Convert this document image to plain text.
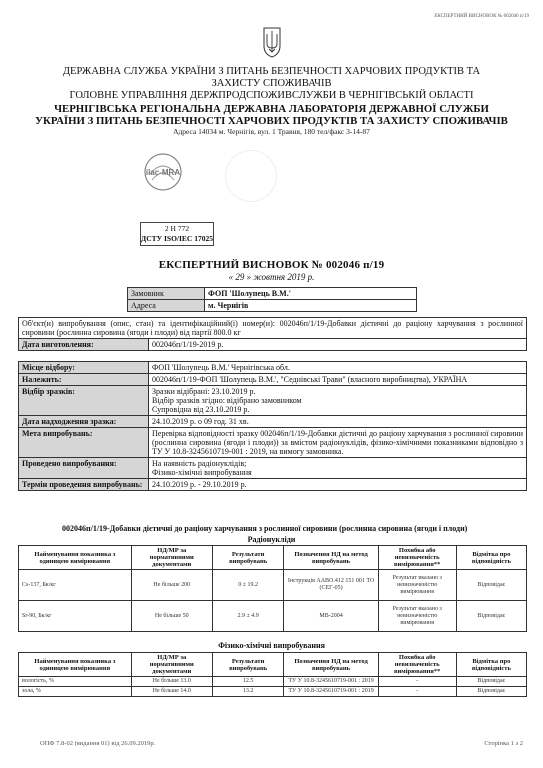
ЕКСПЕРТНИЙ ВИСНОВОК № 002046 п/19
ДЕРЖАВНА СЛУЖБА УКРАЇНИ З ПИТАНЬ БЕЗПЕЧНОСТІ ХАРЧОВИХ ПРОДУКТІВ ТА
ЗАХИСТУ СПОЖИВАЧІВ
ГОЛОВНЕ УПРАВЛІННЯ ДЕРЖПРОДСПОЖИВСЛУЖБИ В ЧЕРНІГІВСЬКІЙ ОБЛАСТІ
ЧЕРНІГІВСЬКА РЕГІОНАЛЬНА ДЕРЖАВНА ЛАБОРАТОРІЯ ДЕРЖАВНОЇ СЛУЖБИ
УКРАЇНИ З ПИТАНЬ БЕЗПЕЧНОСТІ ХАРЧОВИХ ПРОДУКТІВ ТА ЗАХИСТУ СПОЖИВАЧІВ
Адреса 14034 м. Чернігів, вул. 1 Травня, 180 тел/факс 3-14-87
ilac-MRA
2 Н 772
ДСТУ ISO/IEC 17025
ЕКСПЕРТНИЙ ВИСНОВОК № 002046 п/19
« 29 » жовтня 2019 р.
Замовник	ФОП 'Шолупець В.М.'
Адреса	м. Чернігів
Об'єкт(и) випробування (опис, стан) та ідентифікаційний(і) номер(и): 002046п/1/19-Добавки дієтичні до раціону харчування з рослинної сировини (рослинна сировина (ягоди і плоди) від партії 800.0 кг
Дата виготовлення:	002046п/1/19-2019 р.
Місце відбору:	ФОП 'Шолупець В.М.' Чернігівська обл.
Належить:	002046п/1/19-ФОП 'Шолупець В.М.', "Седнівські Трави" (власного виробництва), УКРАЇНА
Відбір зразків:	Зразки відібрані: 23.10.2019 р.
Відбір зразків згідно: відібрано замовником
Супровідна від 23.10.2019 р.
Дата надходження зразка:	24.10.2019 р. о 09 год. 31 хв.
Мета випробувань:	Перевірка відповідності зразку 002046п/1/19-Добавки дієтичні до раціону харчування з рослинної сировини (рослинна сировина (ягоди і плоди)) за вмістом радіонуклідів, фізико-хімічними показниками відповідно з ТУ У 10.8-3245610719-001 : 2019, на вимогу замовника.
Проведено випробування:	На наявність радіонуклідів;
Фізико-хімічні випробування
Термін проведення випробувань:	24.10.2019 р. - 29.10.2019 р.
002046п/1/19-Добавки дієтичні до раціону харчування з рослинної сировини (рослинна сировина (ягоди і плоди)
Радіонукліди
Найменування показника з одиницею вимірювання	НД/МР за нормативними документами	Результати випробувань	Позначення НД на метод випробувань	Похибка або невизначеність вимірювання**	Відмітка про відповідність
Cs-137, Бк/кг	Не більше 200	0 ± 19.2	Інструкція ААВО.412 151 001 ТО (СЕГ-05)	Результат вказано з невизначеністю вимірювання	Відповідає
Sr-90, Бк/кг	Не більше 50	2.9 ± 4.9	МВ-2004	Результат вказано з невизначеністю вимірювання	Відповідає
Фізико-хімічні випробування
Найменування показника з одиницею вимірювання	НД/МР за нормативними документами	Результати випробувань	Позначення НД на метод випробувань	Похибка або невизначеність вимірювання**	Відмітка про відповідність
вологість, %	Не більше 13.0	12.5	ТУ У 10.8-3245610719-001 : 2019	-	Відповідає
зола, %	Не більше 14.0	13.2	ТУ У 10.8-3245610719-001 : 2019	-	Відповідає
ОПФ 7.8-02 (видання 01) від 26.09.2019р.	Сторінка 1 з 2
